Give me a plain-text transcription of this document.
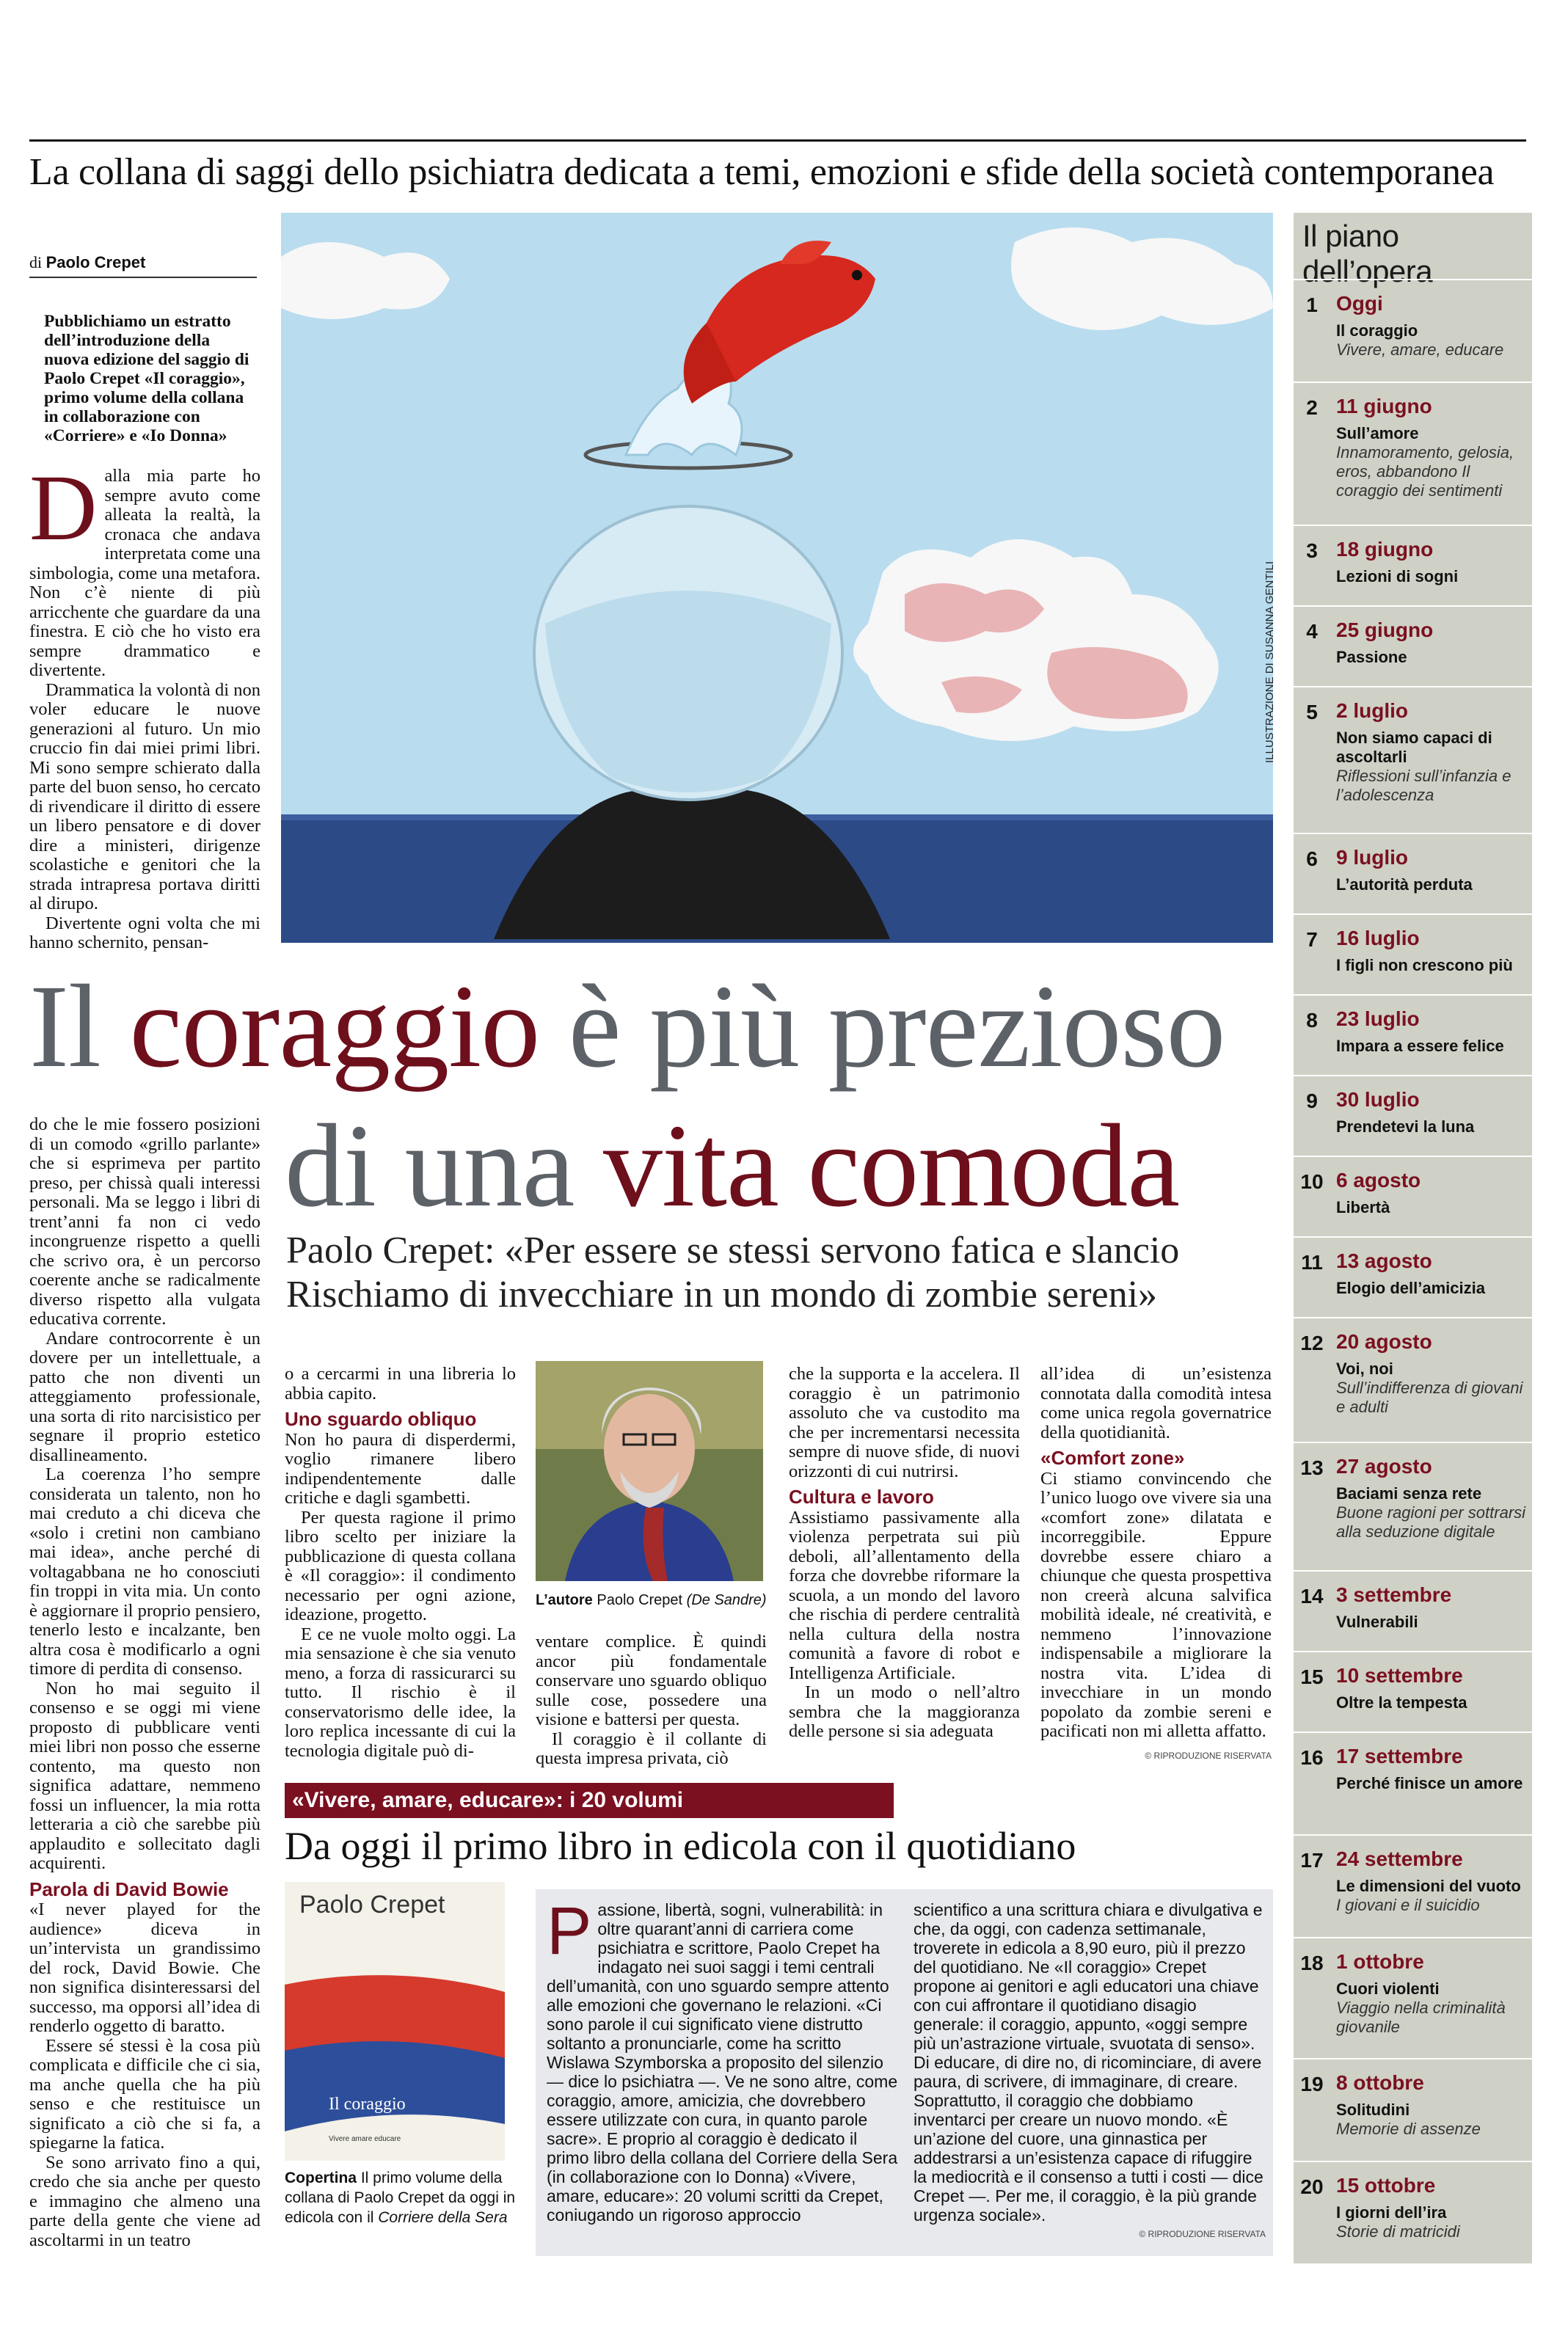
La collana di saggi dello psichiatra dedicata a temi, emozioni e sfide della società contemporanea
di Paolo Crepet
Pubblichiamo un estratto dell’introduzione della nuova edizione del saggio di Paolo Crepet «Il coraggio», primo volume della collana in collaborazione con «Corriere» e «Io Donna»
D alla mia parte ho sempre avuto come alleata la realtà, la cronaca che andava interpretata come una simbologia, come una metafora. Non c’è niente di più arricchente che guardare da una finestra. E ciò che ho visto era sempre drammatico e divertente.

Drammatica la volontà di non voler educare le nuove generazioni al futuro. Un mio cruccio fin dai miei primi libri. Mi sono sempre schierato dalla parte del buon senso, ho cercato di rivendicare il diritto di essere un libero pensatore e di dover dire a ministeri, dirigenze scolastiche e genitori che la strada intrapresa portava diritti al dirupo.

Divertente ogni volta che mi hanno schernito, pensan-

ILLUSTRAZIONE DI SUSANNA GENTILI
Il coraggio è più prezioso
di una vita comoda
Paolo Crepet: «Per essere se stessi servono fatica e slancio Rischiamo di invecchiare in un mondo di zombie sereni»

do che le mie fossero posizioni di un comodo «grillo parlante» che si esprimeva per partito preso, per chissà quali interessi personali. Ma se leggo i libri di trent’anni fa non ci vedo incongruenze rispetto a quelli che scrivo ora, è un percorso coerente anche se radicalmente diverso rispetto alla vulgata educativa corrente.

Andare controcorrente è un dovere per un intellettuale, a patto che non diventi un atteggiamento professionale, una sorta di rito narcisistico per segnare il proprio estetico disallineamento.

La coerenza l’ho sempre considerata un talento, non ho mai creduto a chi diceva che «solo i cretini non cambiano mai idea», anche perché di voltagabbana ne ho conosciuti fin troppi in vita mia. Un conto è aggiornare il proprio pensiero, tenerlo lesto e incalzante, ben altra cosa è modificarlo a ogni timore di perdita di consenso.

Non ho mai seguito il consenso e se oggi mi viene proposto di pubblicare venti miei libri non posso che esserne contento, ma questo non significa adattare, nemmeno fossi un influencer, la mia rotta letteraria a ciò che sarebbe più applaudito e sollecitato dagli acquirenti.

Parola di David Bowie

«I never played for the audience» diceva in un’intervista un grandissimo del rock, David Bowie. Che non significa disinteressarsi del successo, ma opporsi all’idea di renderlo oggetto di baratto.

Essere sé stessi è la cosa più complicata e difficile che ci sia, ma anche quella che ha più senso e che restituisce un significato a ciò che si fa, a spiegarne la fatica.

Se sono arrivato fino a qui, credo che sia anche per questo e immagino che almeno una parte della gente che viene ad ascoltarmi in un teatro

o a cercarmi in una libreria lo abbia capito.

Uno sguardo obliquo

Non ho paura di disperdermi, voglio rimanere libero indipendentemente dalle critiche e dagli sgambetti.

Per questa ragione il primo libro scelto per iniziare la pubblicazione di questa collana è «Il coraggio»: il condimento necessario per ogni azione, ideazione, progetto.

E ce ne vuole molto oggi. La mia sensazione è che sia venuto meno, a forza di rassicurarci su tutto. Il rischio è il conservatorismo delle idee, la loro replica incessante di cui la tecnologia digitale può di-

L’autore Paolo Crepet (De Sandre)

ventare complice. È quindi ancor più fondamentale conservare uno sguardo obliquo sulle cose, possedere una visione e battersi per questa.

Il coraggio è il collante di questa impresa privata, ciò

che la supporta e la accelera. Il coraggio è un patrimonio assoluto che va custodito ma che per incrementarsi necessita sempre di nuove sfide, di nuovi orizzonti di cui nutrirsi.

Cultura e lavoro

Assistiamo passivamente alla violenza perpetrata sui più deboli, all’allentamento della forza che dovrebbe riformare la scuola, a un mondo del lavoro che rischia di perdere centralità nella cultura della nostra comunità a favore di robot e Intelligenza Artificiale.

In un modo o nell’altro sembra che la maggioranza delle persone si sia adeguata

all’idea di un’esistenza connotata dalla comodità intesa come unica regola governatrice della quotidianità.

«Comfort zone»

Ci stiamo convincendo che l’unico luogo ove vivere sia una «comfort zone» dilatata e incorreggibile. Eppure dovrebbe essere chiaro a chiunque che questa prospettiva non creerà alcuna salvifica mobilità ideale, né creatività, e nemmeno l’innovazione indispensabile a migliorare la nostra vita. L’idea di invecchiare in un mondo popolato da zombie sereni e pacificati non mi alletta affatto.

© RIPRODUZIONE RISERVATA
«Vivere, amare, educare»: i 20 volumi
Da oggi il primo libro in edicola con il quotidiano
Paolo Crepet
Il coraggio
Vivere amare educare
Copertina Il primo volume della collana di Paolo Crepet da oggi in edicola con il Corriere della Sera
P assione, libertà, sogni, vulnerabilità: in oltre quarant’anni di carriera come psichiatra e scrittore, Paolo Crepet ha indagato nei suoi saggi i temi centrali dell’umanità, con uno sguardo sempre attento alle emozioni che governano le relazioni. «Ci sono parole il cui significato viene distrutto soltanto a pronunciarle, come ha scritto Wislawa Szymborska a proposito del silenzio — dice lo psichiatra —. Ve ne sono altre, come coraggio, amore, amicizia, che dovrebbero essere utilizzate con cura, in quanto parole sacre». E proprio al coraggio è dedicato il primo libro della collana del Corriere della Sera (in collaborazione con Io Donna) «Vivere, amare, educare»: 20 volumi scritti da Crepet, coniugando un rigoroso approccio
scientifico a una scrittura chiara e divulgativa e che, da oggi, con cadenza settimanale, troverete in edicola a 8,90 euro, più il prezzo del quotidiano. Ne «Il coraggio» Crepet propone ai genitori e agli educatori una chiave con cui affrontare il quotidiano disagio generale: il coraggio, appunto, «oggi sempre più un’astrazione virtuale, svuotata di senso». Di educare, di dire no, di ricominciare, di avere paura, di scrivere, di immaginare, di creare. Soprattutto, il coraggio che dobbiamo inventarci per creare un nuovo mondo. «È un’azione del cuore, una ginnastica per addestrarsi a un’esistenza capace di rifuggire la mediocrità e il consenso a tutti i costi — dice Crepet —. Per me, il coraggio, è la più grande urgenza sociale».
© RIPRODUZIONE RISERVATA
Il piano dell’opera
1 Oggi
Il coraggio
Vivere, amare, educare
2 11 giugno
Sull’amore
Innamoramento, gelosia, eros, abbandono Il coraggio dei sentimenti
3 18 giugno
Lezioni di sogni
4 25 giugno
Passione
5 2 luglio
Non siamo capaci di ascoltarli
Riflessioni sull’infanzia e l’adolescenza
6 9 luglio
L’autorità perduta
7 16 luglio
I figli non crescono più
8 23 luglio
Impara a essere felice
9 30 luglio
Prendetevi la luna
10 6 agosto
Libertà
11 13 agosto
Elogio dell’amicizia
12 20 agosto
Voi, noi
Sull’indifferenza di giovani e adulti
13 27 agosto
Baciami senza rete
Buone ragioni per sottrarsi alla seduzione digitale
14 3 settembre
Vulnerabili
15 10 settembre
Oltre la tempesta
16 17 settembre
Perché finisce un amore
17 24 settembre
Le dimensioni del vuoto
I giovani e il suicidio
18 1 ottobre
Cuori violenti
Viaggio nella criminalità giovanile
19 8 ottobre
Solitudini
Memorie di assenze
20 15 ottobre
I giorni dell’ira
Storie di matricidi
